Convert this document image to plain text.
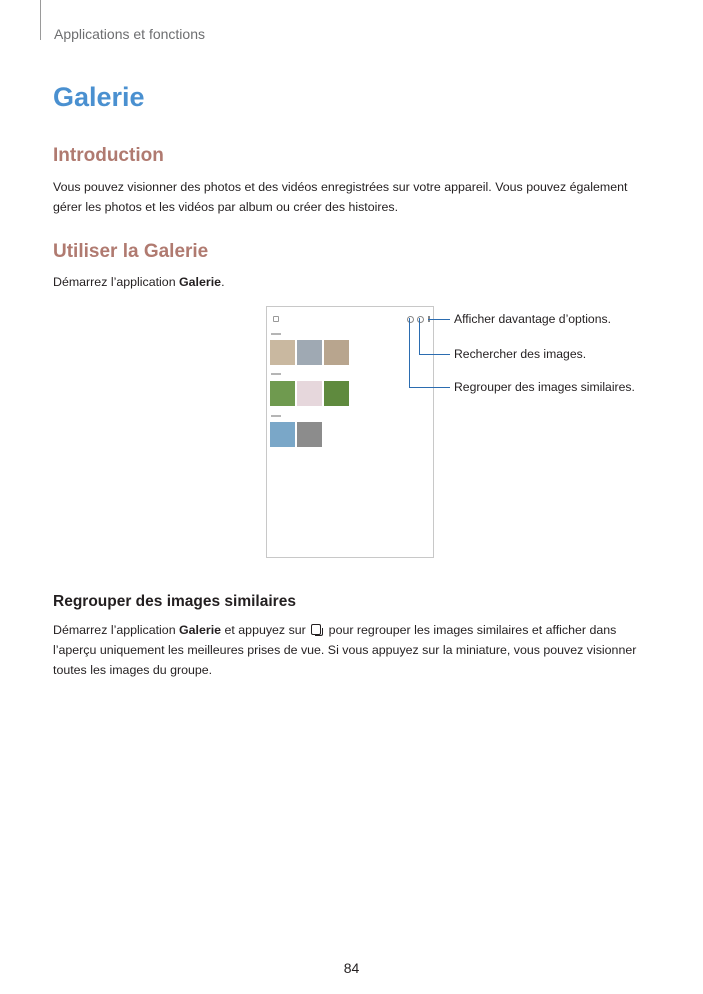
Applications et fonctions
Galerie
Introduction

Vous pouvez visionner des photos et des vidéos enregistrées sur votre appareil. Vous pouvez également gérer les photos et les vidéos par album ou créer des histoires.

Utiliser la Galerie

Démarrez l’application Galerie.

Afficher davantage d’options.
Rechercher des images.
Regrouper des images similaires.
Regrouper des images similaires

Démarrez l’application Galerie et appuyez sur  pour regrouper les images similaires et afficher dans l’aperçu uniquement les meilleures prises de vue. Si vous appuyez sur la miniature, vous pouvez visionner toutes les images du groupe.

84
